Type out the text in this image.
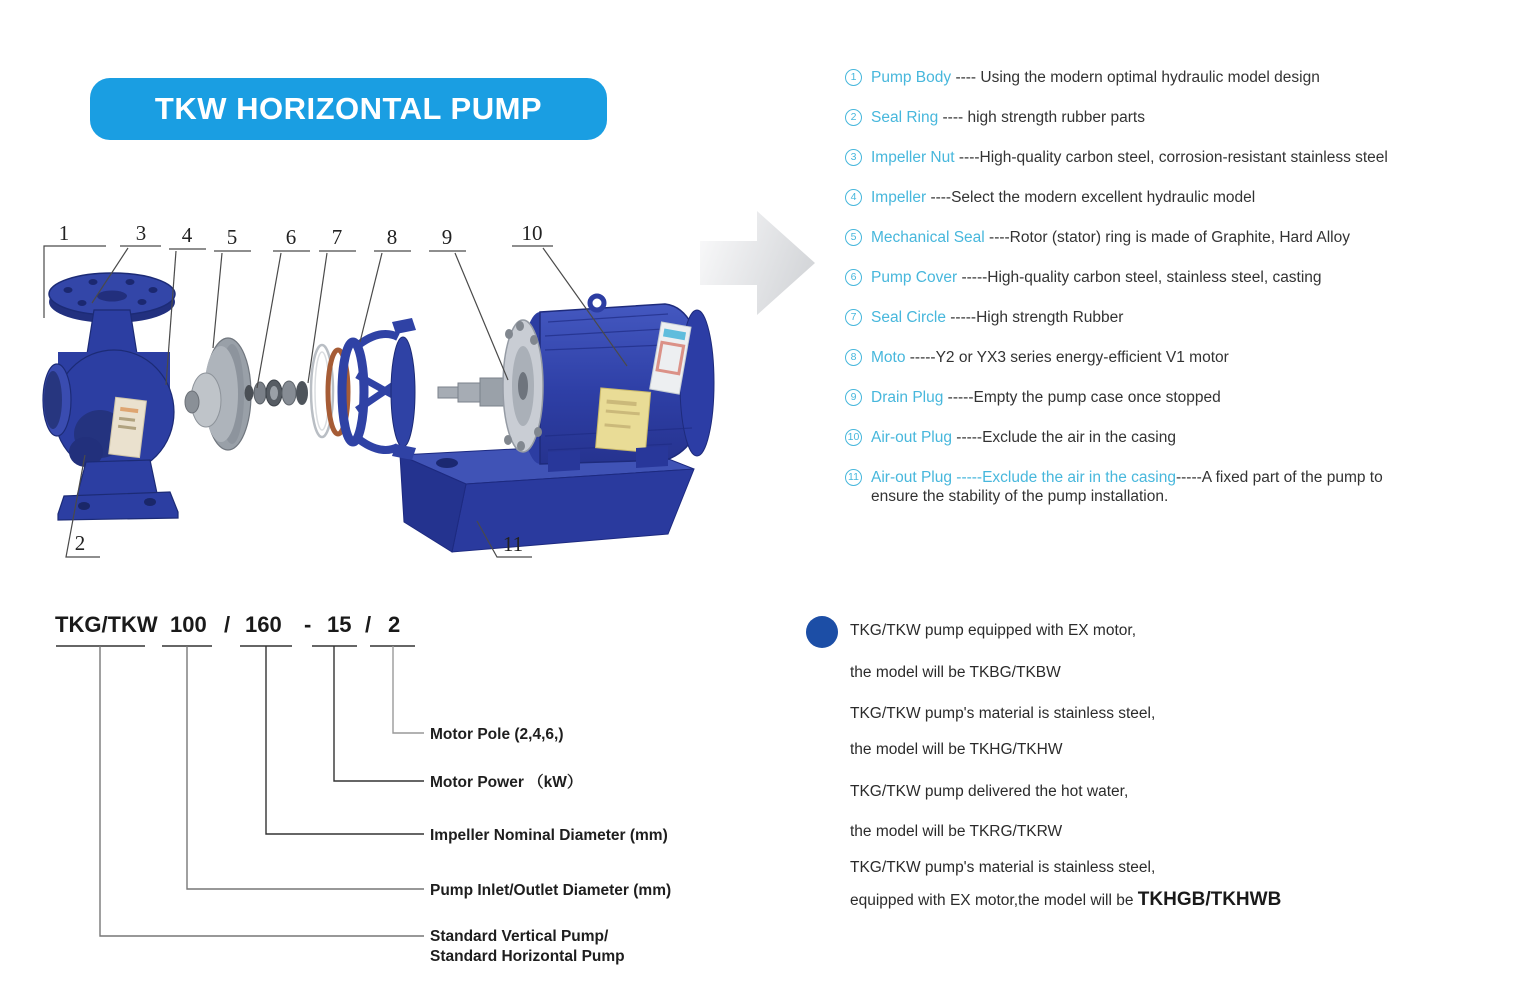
TKW HORIZONTAL PUMP
1	3 4 5 6 7 8 9	10
2	11
1 Pump Body ---- Using the modern optimal hydraulic model design
2 Seal Ring ---- high strength rubber parts
3 Impeller Nut ----High-quality carbon steel, corrosion-resistant stainless steel
4 Impeller ----Select the modern excellent hydraulic model
5 Mechanical Seal ----Rotor (stator) ring is made of Graphite, Hard Alloy
6 Pump Cover -----High-quality carbon steel, stainless steel, casting
7 Seal Circle -----High strength Rubber
8 Moto -----Y2 or YX3 series energy-efficient V1 motor
9 Drain Plug -----Empty the pump case once stopped
10 Air-out Plug -----Exclude the air in the casing
11 Air-out Plug -----Exclude the air in the casing-----A fixed part of the pump to
ensure the stability of the pump installation.
TKG/TKW 100 / 160 - 15 / 2
Motor Pole (2,4,6,)
Motor Power （kW）
Impeller Nominal Diameter (mm)
Pump Inlet/Outlet Diameter (mm)
Standard Vertical Pump/
Standard Horizontal Pump
TKG/TKW pump equipped with EX motor,
the model will be TKBG/TKBW
TKG/TKW pump's material is stainless steel,
the model will be TKHG/TKHW
TKG/TKW pump delivered the hot water,
the model will be TKRG/TKRW
TKG/TKW pump's material is stainless steel,
equipped with EX motor,the model will be TKHGB/TKHWB
